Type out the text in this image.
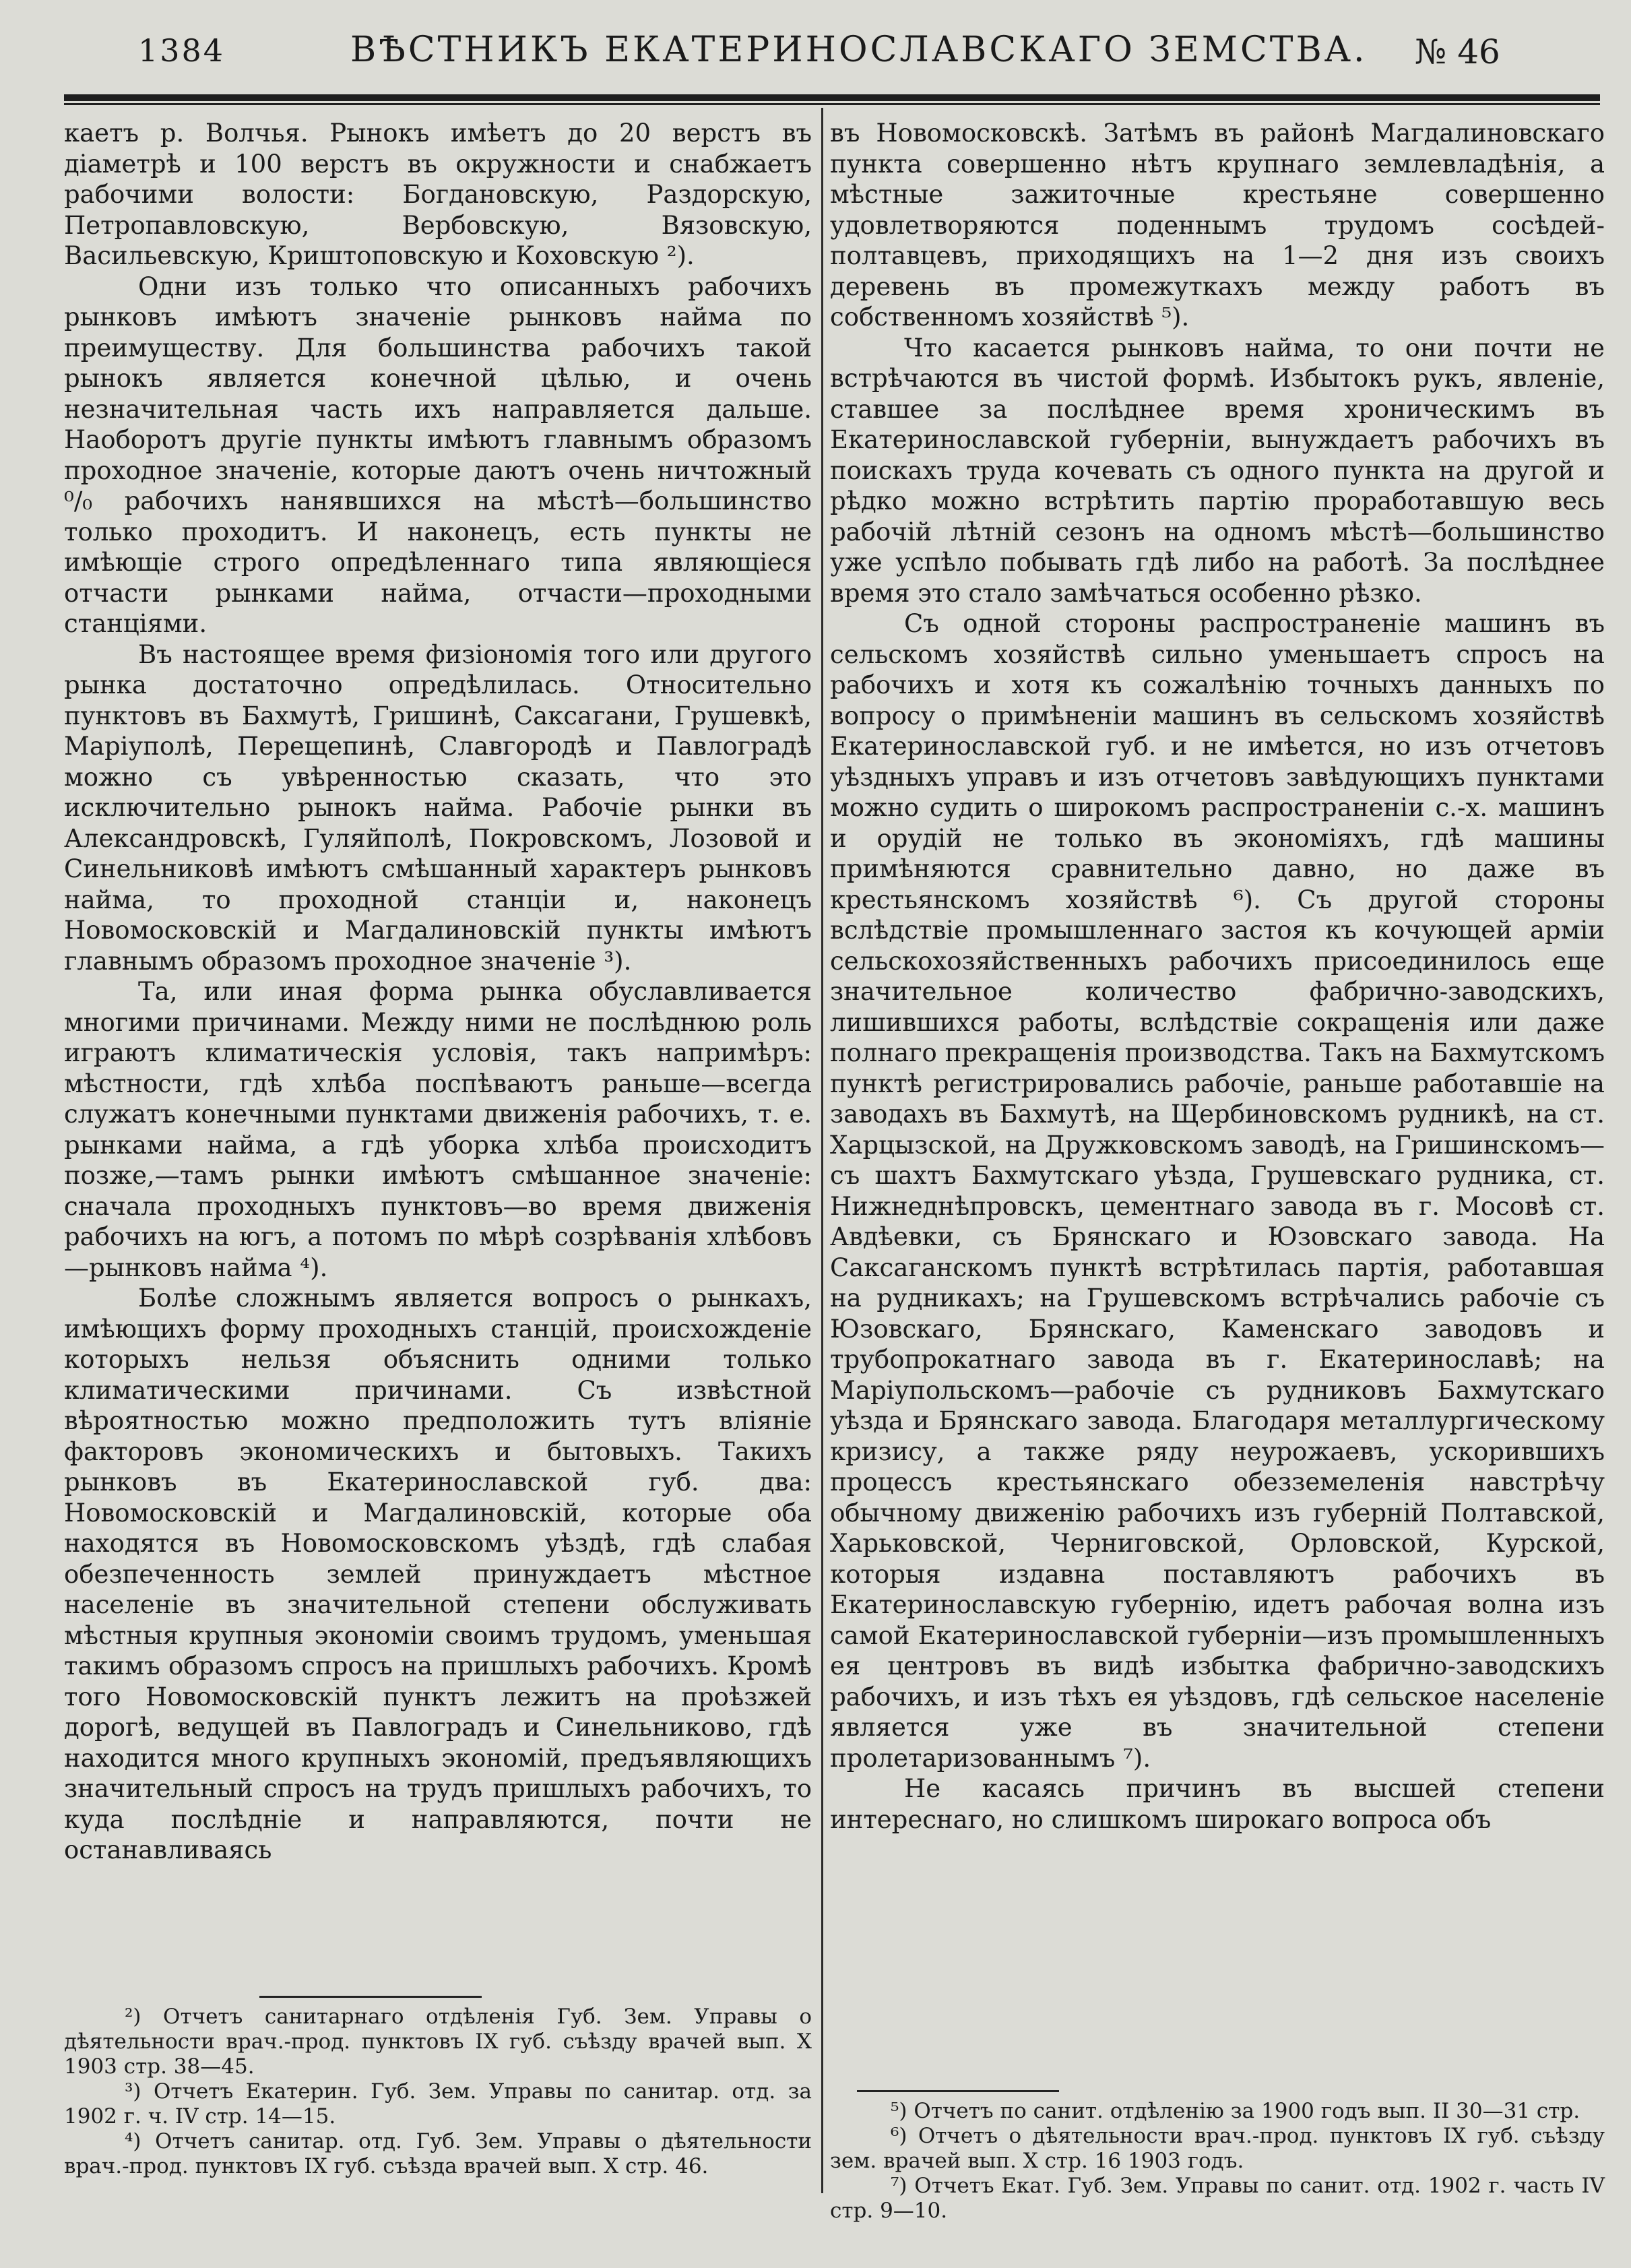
1384	ВѢСТНИКЪ ЕКАТЕРИНОСЛАВСКАГО ЗЕМСТВА. № 46

каетъ р. Волчья. Рынокъ имѣетъ до 20 верстъ въ діаметрѣ и 100 верстъ въ окружности и снабжаетъ рабочими волости: Богдановскую, Раздорскую, Петропавловскую, Вербовскую, Вязовскую, Васильевскую, Криштоповскую и Коховскую ²).

Одни изъ только что описанныхъ рабочихъ рынковъ имѣютъ значеніе рынковъ найма по преимуществу. Для большинства рабочихъ такой рынокъ является конечной цѣлью, и очень незначительная часть ихъ направляется дальше. Наоборотъ другіе пункты имѣютъ главнымъ образомъ проходное значеніе, которые даютъ очень ничтожный ⁰/₀ рабочихъ нанявшихся на мѣстѣ—большинство только проходитъ. И наконецъ, есть пункты не имѣющіе строго опредѣленнаго типа являющіеся отчасти рынками найма, отчасти—проходными станціями.

Въ настоящее время физіономія того или другого рынка достаточно опредѣлилась. Относительно пунктовъ въ Бахмутѣ, Гришинѣ, Саксагани, Грушевкѣ, Маріуполѣ, Перещепинѣ, Славгородѣ и Павлоградѣ можно съ увѣренностью сказать, что это исключительно рынокъ найма. Рабочіе рынки въ Александровскѣ, Гуляйполѣ, Покровскомъ, Лозовой и Синельниковѣ имѣютъ смѣшанный характеръ рынковъ найма, то проходной станціи и, наконецъ Новомосковскій и Магдалиновскій пункты имѣютъ главнымъ образомъ проходное значеніе ³).

Та, или иная форма рынка обуславливается многими причинами. Между ними не послѣднюю роль играютъ климатическія условія, такъ напримѣръ: мѣстности, гдѣ хлѣба поспѣваютъ раньше—всегда служатъ конечными пунктами движенія рабочихъ, т. е. рынками найма, а гдѣ уборка хлѣба происходитъ позже,—тамъ рынки имѣютъ смѣшанное значеніе: сначала проходныхъ пунктовъ—во время движенія рабочихъ на югъ, а потомъ по мѣрѣ созрѣванія хлѣбовъ—рынковъ найма ⁴).

Болѣе сложнымъ является вопросъ о рынкахъ, имѣющихъ форму проходныхъ станцій, происхожденіе которыхъ нельзя объяснить одними только климатическими причинами. Съ извѣстной вѣроятностью можно предположить тутъ вліяніе факторовъ экономическихъ и бытовыхъ. Такихъ рынковъ въ Екатеринославской губ. два: Новомосковскій и Магдалиновскій, которые оба находятся въ Новомосковскомъ уѣздѣ, гдѣ слабая обезпеченность землей принуждаетъ мѣстное населеніе въ значительной степени обслуживать мѣстныя крупныя экономіи своимъ трудомъ, уменьшая такимъ образомъ спросъ на пришлыхъ рабочихъ. Кромѣ того Новомосковскій пунктъ лежитъ на проѣзжей дорогѣ, ведущей въ Павлоградъ и Синельниково, гдѣ находится много крупныхъ экономій, предъявляющихъ значительный спросъ на трудъ пришлыхъ рабочихъ, то куда послѣдніе и направляются, почти не останавливаясь

²) Отчетъ санитарнаго отдѣленія Губ. Зем. Управы о дѣятельности врач.-прод. пунктовъ IX губ. съѣзду врачей вып. X 1903 стр. 38—45.

³) Отчетъ Екатерин. Губ. Зем. Управы по санитар. отд. за 1902 г. ч. IV стр. 14—15.

⁴) Отчетъ санитар. отд. Губ. Зем. Управы о дѣятельности врач.-прод. пунктовъ IX губ. съѣзда врачей вып. X стр. 46.

въ Новомосковскѣ. Затѣмъ въ районѣ Магдалиновскаго пункта совершенно нѣтъ крупнаго землевладѣнія, а мѣстные зажиточные крестьяне совершенно удовлетворяются поденнымъ трудомъ сосѣдей-полтавцевъ, приходящихъ на 1—2 дня изъ своихъ деревень въ промежуткахъ между работъ въ собственномъ хозяйствѣ ⁵).

Что касается рынковъ найма, то они почти не встрѣчаются въ чистой формѣ. Избытокъ рукъ, явленіе, ставшее за послѣднее время хроническимъ въ Екатеринославской губерніи, вынуждаетъ рабочихъ въ поискахъ труда кочевать съ одного пункта на другой и рѣдко можно встрѣтить партію проработавшую весь рабочій лѣтній сезонъ на одномъ мѣстѣ—большинство уже успѣло побывать гдѣ либо на работѣ. За послѣднее время это стало замѣчаться особенно рѣзко.

Съ одной стороны распространеніе машинъ въ сельскомъ хозяйствѣ сильно уменьшаетъ спросъ на рабочихъ и хотя къ сожалѣнію точныхъ данныхъ по вопросу о примѣненіи машинъ въ сельскомъ хозяйствѣ Екатеринославской губ. и не имѣется, но изъ отчетовъ уѣздныхъ управъ и изъ отчетовъ завѣдующихъ пунктами можно судить о широкомъ распространеніи с.-х. машинъ и орудій не только въ экономіяхъ, гдѣ машины примѣняются сравнительно давно, но даже въ крестьянскомъ хозяйствѣ ⁶). Съ другой стороны вслѣдствіе промышленнаго застоя къ кочующей арміи сельскохозяйственныхъ рабочихъ присоединилось еще значительное количество фабрично-заводскихъ, лишившихся работы, вслѣдствіе сокращенія или даже полнаго прекращенія производства. Такъ на Бахмутскомъ пунктѣ регистрировались рабочіе, раньше работавшіе на заводахъ въ Бахмутѣ, на Щербиновскомъ рудникѣ, на ст. Харцызской, на Дружковскомъ заводѣ, на Гришинскомъ—съ шахтъ Бахмутскаго уѣзда, Грушевскаго рудника, ст. Нижнеднѣпровскъ, цементнаго завода въ г. Мосовѣ ст. Авдѣевки, съ Брянскаго и Юзовскаго завода. На Саксаганскомъ пунктѣ встрѣтилась партія, работавшая на рудникахъ; на Грушевскомъ встрѣчались рабочіе съ Юзовскаго, Брянскаго, Каменскаго заводовъ и трубопрокатнаго завода въ г. Екатеринославѣ; на Маріупольскомъ—рабочіе съ рудниковъ Бахмутскаго уѣзда и Брянскаго завода. Благодаря металлургическому кризису, а также ряду неурожаевъ, ускорившихъ процессъ крестьянскаго обезземеленія навстрѣчу обычному движенію рабочихъ изъ губерній Полтавской, Харьковской, Черниговской, Орловской, Курской, которыя издавна поставляютъ рабочихъ въ Екатеринославскую губернію, идетъ рабочая волна изъ самой Екатеринославской губерніи—изъ промышленныхъ ея центровъ въ видѣ избытка фабрично-заводскихъ рабочихъ, и изъ тѣхъ ея уѣздовъ, гдѣ сельское населеніе является уже въ значительной степени пролетаризованнымъ ⁷).

Не касаясь причинъ въ высшей степени интереснаго, но слишкомъ широкаго вопроса объ

⁵) Отчетъ по санит. отдѣленію за 1900 годъ вып. II 30—31 стр.

⁶) Отчетъ о дѣятельности врач.-прод. пунктовъ IX губ. съѣзду зем. врачей вып. X стр. 16 1903 годъ.

⁷) Отчетъ Екат. Губ. Зем. Управы по санит. отд. 1902 г. часть IV стр. 9—10.
